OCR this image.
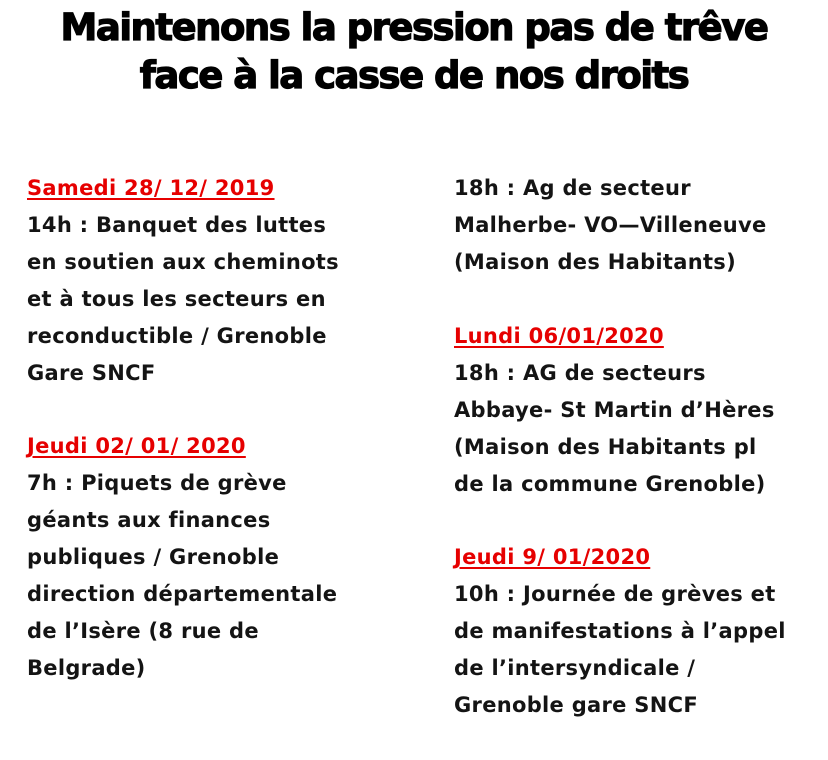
Maintenons la pression pas de trêve
face à la casse de nos droits
Samedi 28/ 12/ 2019
14h : Banquet des luttes
en soutien aux cheminots
et à tous les secteurs en
reconductible / Grenoble
Gare SNCF
Jeudi 02/ 01/ 2020
7h : Piquets de grève
géants aux finances
publiques / Grenoble
direction départementale
de l’Isère (8 rue de
Belgrade)
18h : Ag de secteur
Malherbe- VO—Villeneuve
(Maison des Habitants)
Lundi 06/01/2020
18h : AG de secteurs
Abbaye- St Martin d’Hères
(Maison des Habitants pl
de la commune Grenoble)
Jeudi 9/ 01/2020
10h : Journée de grèves et
de manifestations à l’appel
de l’intersyndicale /
Grenoble gare SNCF
